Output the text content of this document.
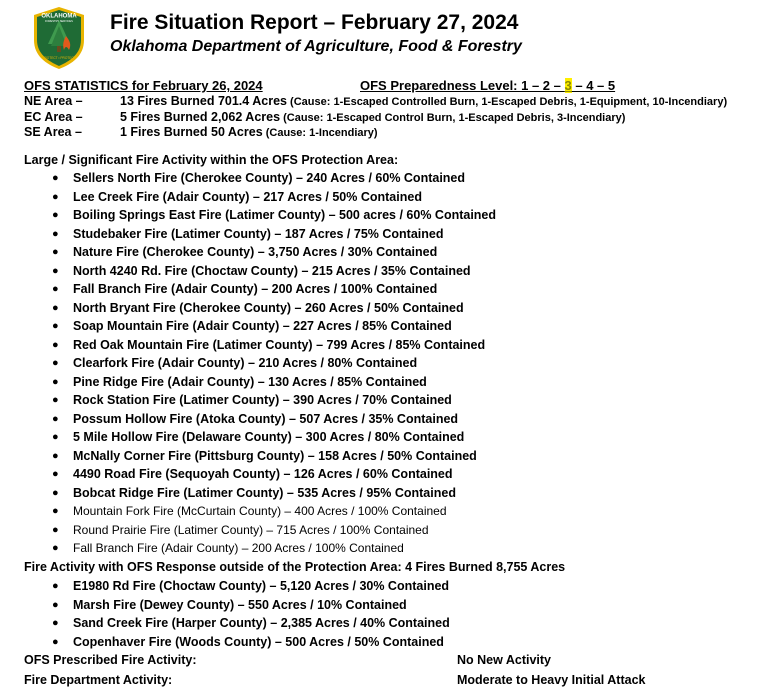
OKLAHOMA
FORESTRY SERVICES
PROTECT • PROTECT
Fire Situation Report – February 27, 2024
Oklahoma Department of Agriculture, Food & Forestry
OFS STATISTICS for February 26, 2024	OFS Preparedness Level: 1 – 2 – 3 – 4 – 5
NE Area –	13 Fires Burned 701.4 Acres (Cause: 1-Escaped Controlled Burn, 1-Escaped Debris, 1-Equipment, 10-Incendiary)
EC Area –	5 Fires Burned 2,062 Acres (Cause: 1-Escaped Control Burn, 1-Escaped Debris, 3-Incendiary)
SE Area –	1 Fires Burned 50 Acres (Cause: 1-Incendiary)
Large / Significant Fire Activity within the OFS Protection Area:
● Sellers North Fire (Cherokee County) – 240 Acres / 60% Contained
● Lee Creek Fire (Adair County) – 217 Acres / 50% Contained
● Boiling Springs East Fire (Latimer County) – 500 acres / 60% Contained
● Studebaker Fire (Latimer County) – 187 Acres / 75% Contained
● Nature Fire (Cherokee County) – 3,750 Acres / 30% Contained
● North 4240 Rd. Fire (Choctaw County) – 215 Acres / 35% Contained
● Fall Branch Fire (Adair County) – 200 Acres / 100% Contained
● North Bryant Fire (Cherokee County) – 260 Acres / 50% Contained
● Soap Mountain Fire (Adair County) – 227 Acres / 85% Contained
● Red Oak Mountain Fire (Latimer County) – 799 Acres / 85% Contained
● Clearfork Fire (Adair County) – 210 Acres / 80% Contained
● Pine Ridge Fire (Adair County) – 130 Acres / 85% Contained
● Rock Station Fire (Latimer County) – 390 Acres / 70% Contained
● Possum Hollow Fire (Atoka County) – 507 Acres / 35% Contained
● 5 Mile Hollow Fire (Delaware County) – 300 Acres / 80% Contained
● McNally Corner Fire (Pittsburg County) – 158 Acres / 50% Contained
● 4490 Road Fire (Sequoyah County) – 126 Acres / 60% Contained
● Bobcat Ridge Fire (Latimer County) – 535 Acres / 95% Contained
● Mountain Fork Fire (McCurtain County) – 400 Acres / 100% Contained
● Round Prairie Fire (Latimer County) – 715 Acres / 100% Contained
● Fall Branch Fire (Adair County) – 200 Acres / 100% Contained
Fire Activity with OFS Response outside of the Protection Area: 4 Fires Burned 8,755 Acres
● E1980 Rd Fire (Choctaw County) – 5,120 Acres / 30% Contained
● Marsh Fire (Dewey County) – 550 Acres / 10% Contained
● Sand Creek Fire (Harper County) – 2,385 Acres / 40% Contained
● Copenhaver Fire (Woods County) – 500 Acres / 50% Contained
OFS Prescribed Fire Activity:	No New Activity
Fire Department Activity:	Moderate to Heavy Initial Attack
